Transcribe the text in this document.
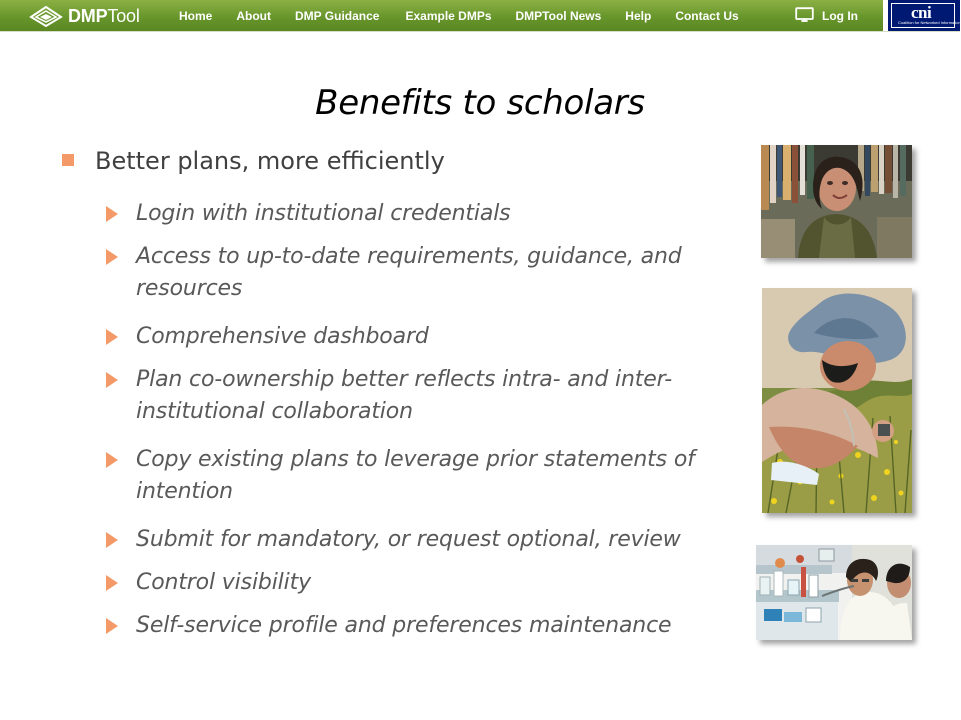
DMPTool	Home About DMP Guidance Example DMPs DMPTool News Help Contact Us	Log In	cni
Coalition for Networked Information
Benefits to scholars
Better plans, more efficiently
Login with institutional credentials
Access to up-to-date requirements, guidance, and resources
Comprehensive dashboard
Plan co-ownership better reflects intra- and inter-institutional collaboration
Copy existing plans to leverage prior statements of intention
Submit for mandatory, or request optional, review
Control visibility
Self-service profile and preferences maintenance
